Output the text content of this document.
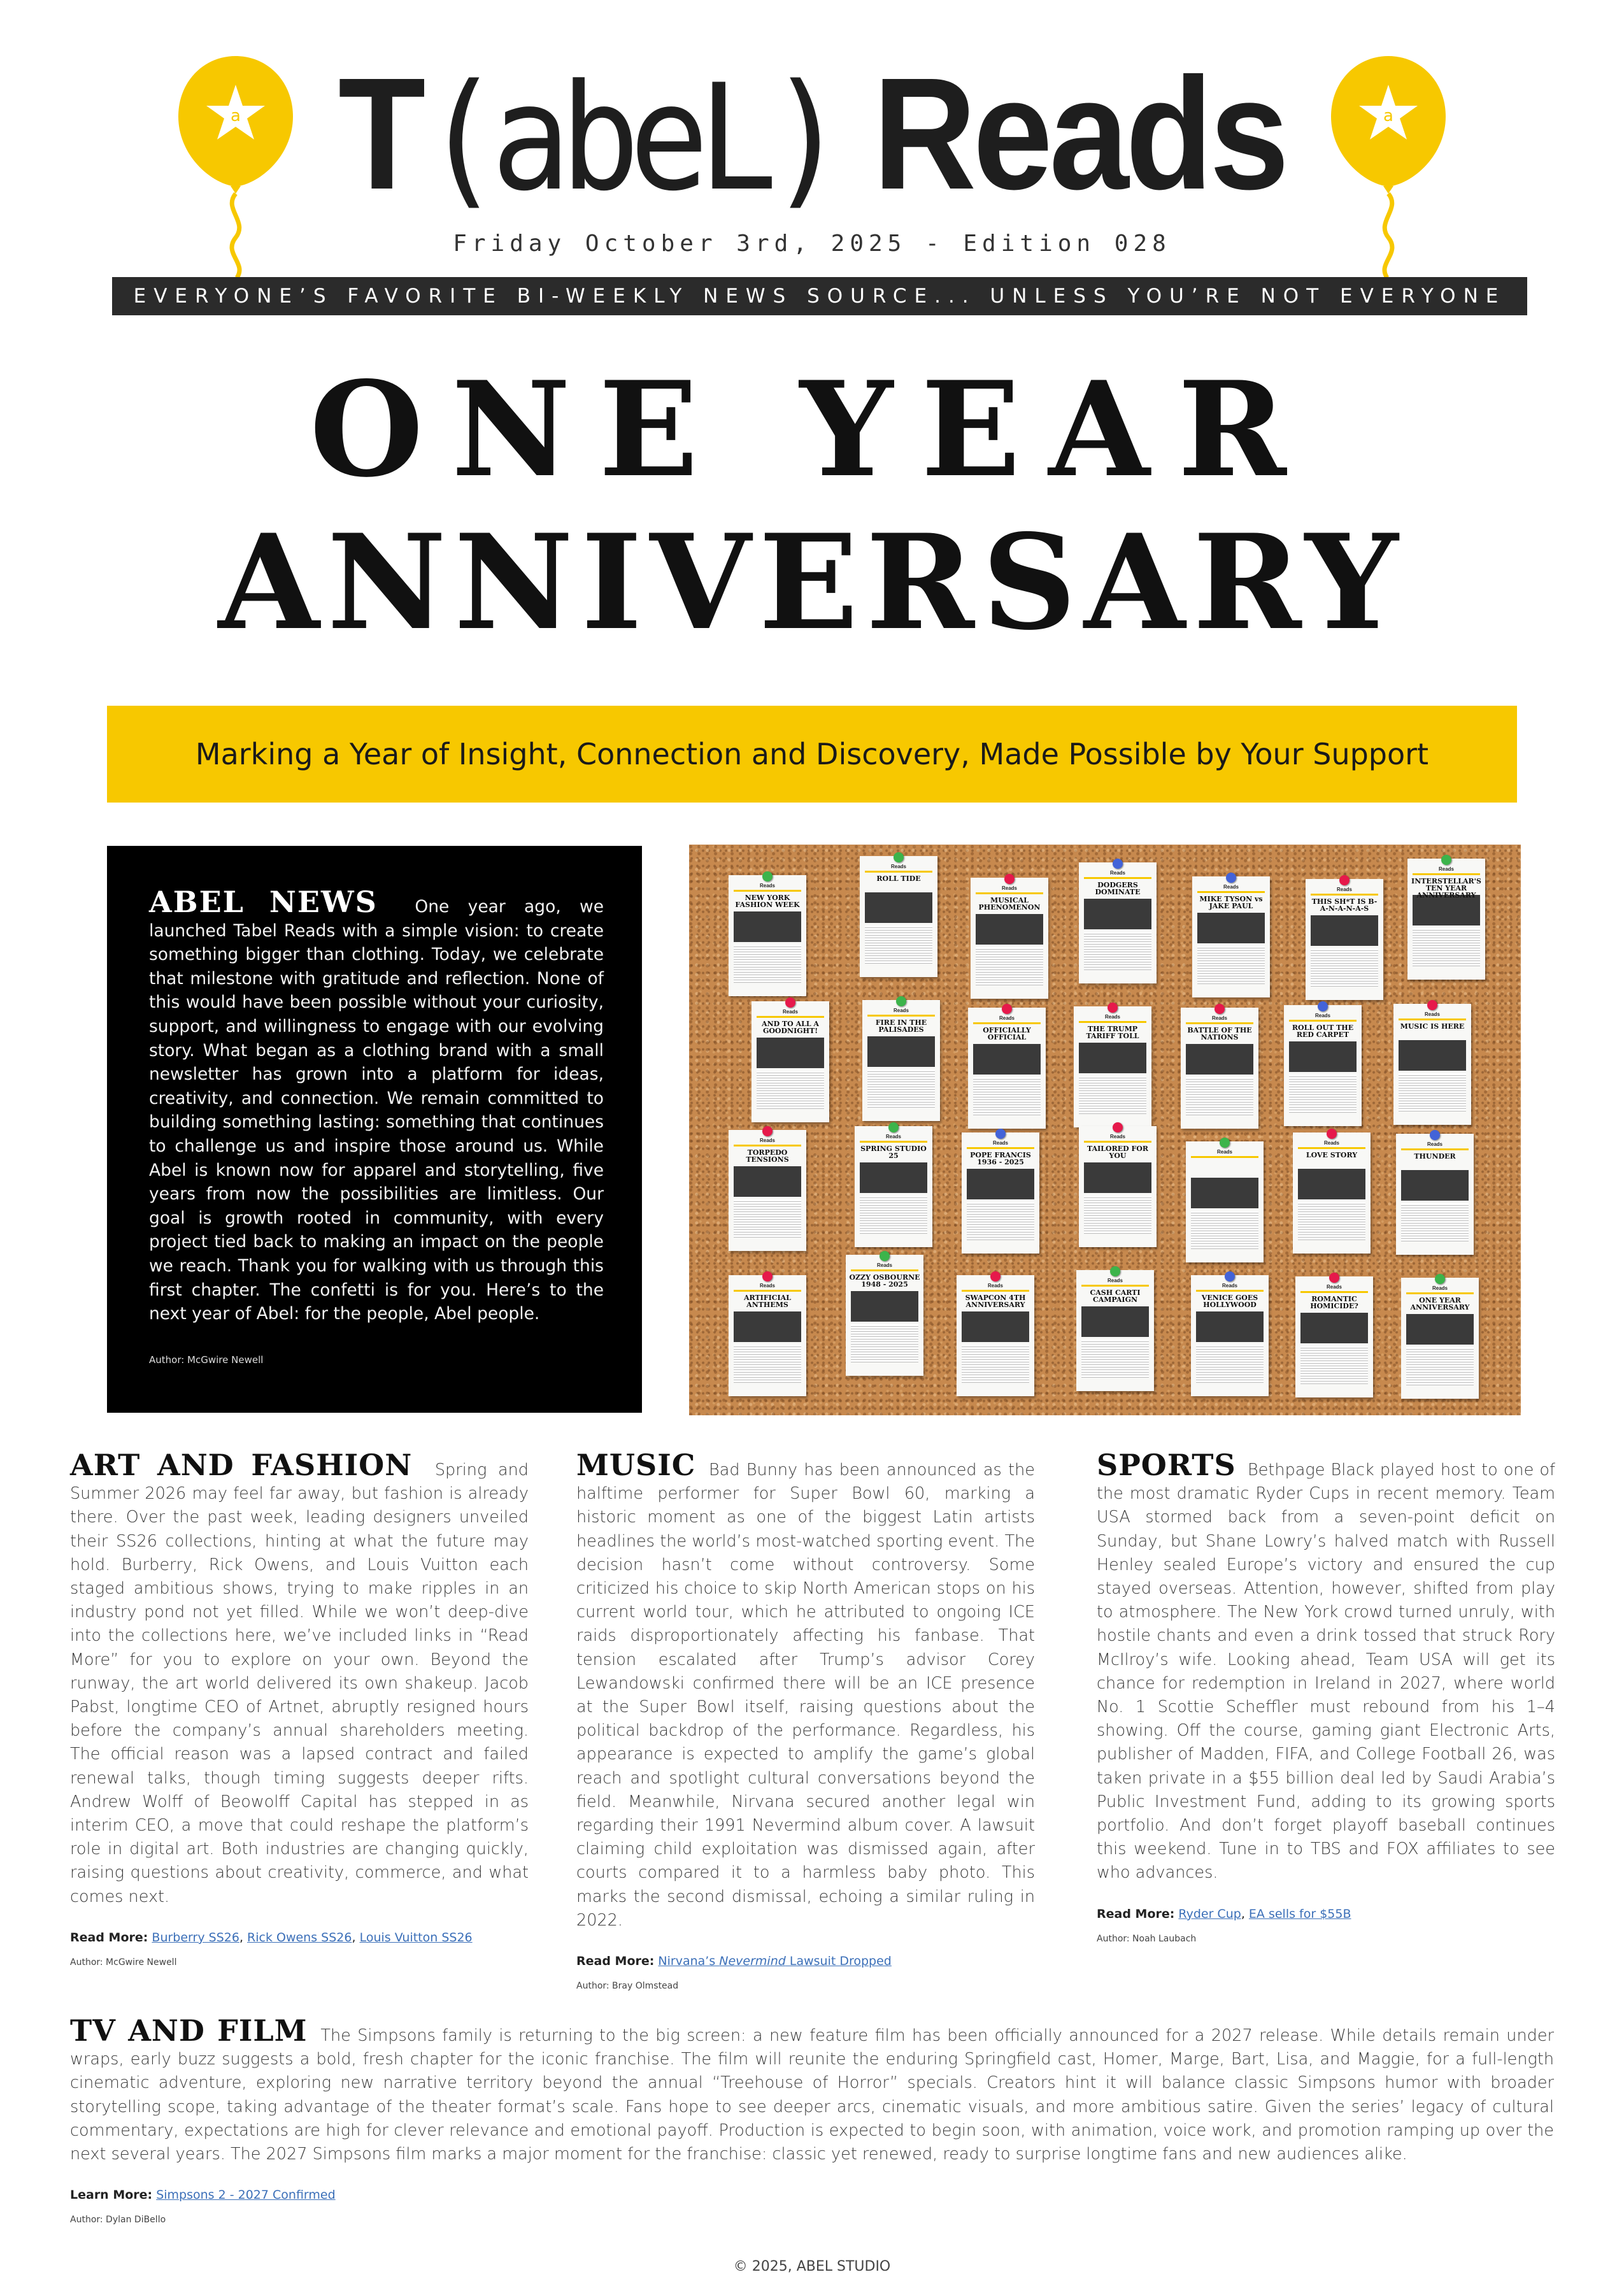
a	a
T(abeL) Reads
Friday October 3rd, 2025 - Edition 028
EVERYONE’S FAVORITE BI-WEEKLY NEWS SOURCE... UNLESS YOU’RE NOT EVERYONE
ONE YEAR
ANNIVERSARY
Marking a Year of Insight, Connection and Discovery, Made Possible by Your Support

ABEL NEWS One year ago, we launched Tabel Reads with a simple vision: to create something bigger than clothing. Today, we celebrate that milestone with gratitude and reflection. None of this would have been possible without your curiosity, support, and willingness to engage with our evolving story. What began as a clothing brand with a small newsletter has grown into a platform for ideas, creativity, and connection. We remain committed to building something lasting: something that continues to challenge us and inspire those around us. While Abel is known now for apparel and storytelling, five years from now the possibilities are limitless. Our goal is growth rooted in community, with every project tied back to making an impact on the people we reach. Thank you for walking with us through this first chapter. The confetti is for you. Here’s to the next year of Abel: for the people, Abel people.

Author: McGwire Newell
Reads
NEW YORK FASHION WEEK
Reads
ROLL TIDE
Reads
MUSICAL PHENOMENON
Reads
DODGERS DOMINATE
Reads
MIKE TYSON vs JAKE PAUL
Reads
THIS SH*T IS B-A-N-A-N-A-S
Reads
INTERSTELLAR'S TEN YEAR ANNIVERSARY
Reads
AND TO ALL A GOODNIGHT!
Reads
FIRE IN THE PALISADES
Reads
OFFICIALLY OFFICIAL
Reads
THE TRUMP TARIFF TOLL
Reads
BATTLE OF THE NATIONS
Reads
ROLL OUT THE RED CARPET
Reads
MUSIC IS HERE
Reads
TORPEDO TENSIONS
Reads
SPRING STUDIO 25
Reads
POPE FRANCIS 1936 - 2025
Reads
TAILORED FOR YOU	Reads
Reads
LOVE STORY
Reads
THUNDER
Reads
ARTIFICIAL ANTHEMS
Reads
OZZY OSBOURNE 1948 - 2025	Reads
SWAPCON 4TH ANNIVERSARY
Reads
CASH CARTI CAMPAIGN
Reads
VENICE GOES HOLLYWOOD
Reads
ROMANTIC HOMICIDE?
Reads
ONE YEAR ANNIVERSARY

ART AND FASHION Spring and Summer 2026 may feel far away, but fashion is already there. Over the past week, leading designers unveiled their SS26 collections, hinting at what the future may hold. Burberry, Rick Owens, and Louis Vuitton each staged ambitious shows, trying to make ripples in an industry pond not yet filled. While we won’t deep-dive into the collections here, we’ve included links in “Read More” for you to explore on your own. Beyond the runway, the art world delivered its own shakeup. Jacob Pabst, longtime CEO of Artnet, abruptly resigned hours before the company’s annual shareholders meeting. The official reason was a lapsed contract and failed renewal talks, though timing suggests deeper rifts. Andrew Wolff of Beowolff Capital has stepped in as interim CEO, a move that could reshape the platform’s role in digital art. Both industries are changing quickly, raising questions about creativity, commerce, and what comes next.

Read More: Burberry SS26, Rick Owens SS26, Louis Vuitton SS26
Author: McGwire Newell

MUSIC Bad Bunny has been announced as the halftime performer for Super Bowl 60, marking a historic moment as one of the biggest Latin artists headlines the world’s most-watched sporting event. The decision hasn’t come without controversy. Some criticized his choice to skip North American stops on his current world tour, which he attributed to ongoing ICE raids disproportionately affecting his fanbase. That tension escalated after Trump’s advisor Corey Lewandowski confirmed there will be an ICE presence at the Super Bowl itself, raising questions about the political backdrop of the performance. Regardless, his appearance is expected to amplify the game’s global reach and spotlight cultural conversations beyond the field. Meanwhile, Nirvana secured another legal win regarding their 1991 Nevermind album cover. A lawsuit claiming child exploitation was dismissed again, after courts compared it to a harmless baby photo. This marks the second dismissal, echoing a similar ruling in 2022.

Read More: Nirvana’s Nevermind Lawsuit Dropped
Author: Bray Olmstead

SPORTS Bethpage Black played host to one of the most dramatic Ryder Cups in recent memory. Team USA stormed back from a seven-point deficit on Sunday, but Shane Lowry’s halved match with Russell Henley sealed Europe’s victory and ensured the cup stayed overseas. Attention, however, shifted from play to atmosphere. The New York crowd turned unruly, with hostile chants and even a drink tossed that struck Rory McIlroy’s wife. Looking ahead, Team USA will get its chance for redemption in Ireland in 2027, where world No. 1 Scottie Scheffler must rebound from his 1–4 showing. Off the course, gaming giant Electronic Arts, publisher of Madden, FIFA, and College Football 26, was taken private in a $55 billion deal led by Saudi Arabia’s Public Investment Fund, adding to its growing sports portfolio. And don’t forget playoff baseball continues this weekend. Tune in to TBS and FOX affiliates to see who advances.

Read More: Ryder Cup, EA sells for $55B
Author: Noah Laubach

TV AND FILM The Simpsons family is returning to the big screen: a new feature film has been officially announced for a 2027 release. While details remain under wraps, early buzz suggests a bold, fresh chapter for the iconic franchise. The film will reunite the enduring Springfield cast, Homer, Marge, Bart, Lisa, and Maggie, for a full-length cinematic adventure, exploring new narrative territory beyond the annual “Treehouse of Horror” specials. Creators hint it will balance classic Simpsons humor with broader storytelling scope, taking advantage of the theater format’s scale. Fans hope to see deeper arcs, cinematic visuals, and more ambitious satire. Given the series’ legacy of cultural commentary, expectations are high for clever relevance and emotional payoff. Production is expected to begin soon, with animation, voice work, and promotion ramping up over the next several years. The 2027 Simpsons film marks a major moment for the franchise: classic yet renewed, ready to surprise longtime fans and new audiences alike.

Learn More: Simpsons 2 - 2027 Confirmed
Author: Dylan DiBello
© 2025, ABEL STUDIO
